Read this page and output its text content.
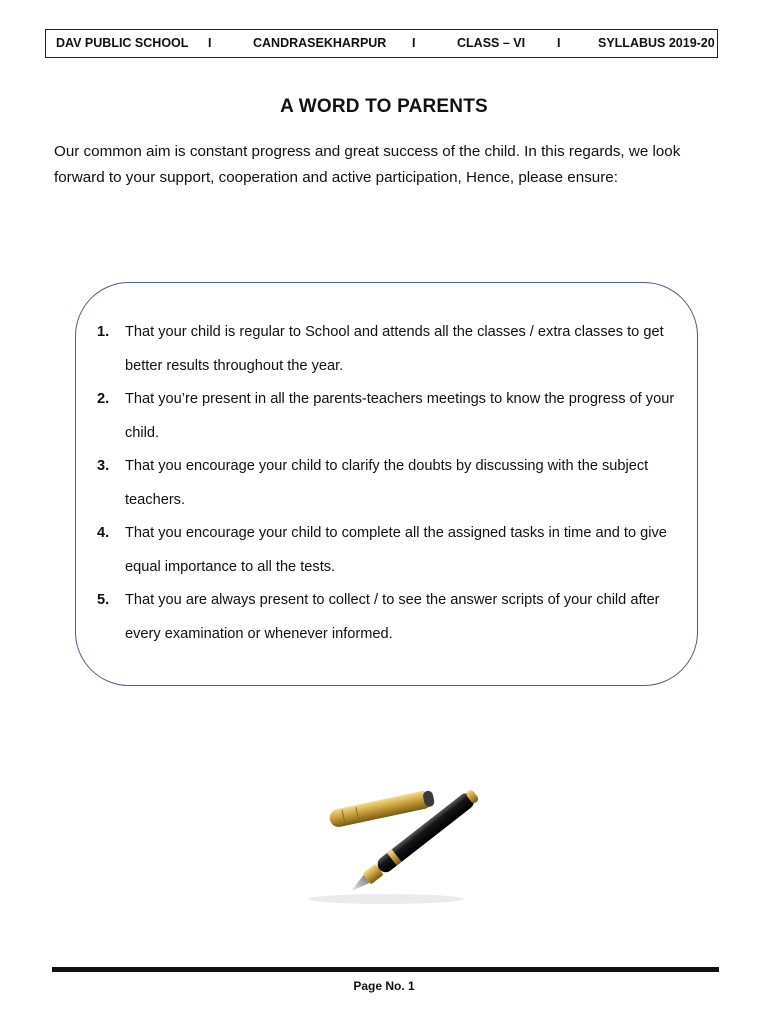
DAV PUBLIC SCHOOL I	CANDRASEKHARPUR I	CLASS – VI	I	SYLLABUS 2019-20
A WORD TO PARENTS
Our common aim is constant progress and great success of the child. In this regards, we look forward to your support, cooperation and active participation, Hence, please ensure:
1. That your child is regular to School and attends all the classes / extra classes to get better results throughout the year.
2. That you’re present in all the parents-teachers meetings to know the progress of your child.
3. That you encourage your child to clarify the doubts by discussing with the subject teachers.
4. That you encourage your child to complete all the assigned tasks in time and to give equal importance to all the tests.
5. That you are always present to collect / to see the answer scripts of your child after every examination or whenever informed.
Page No. 1
